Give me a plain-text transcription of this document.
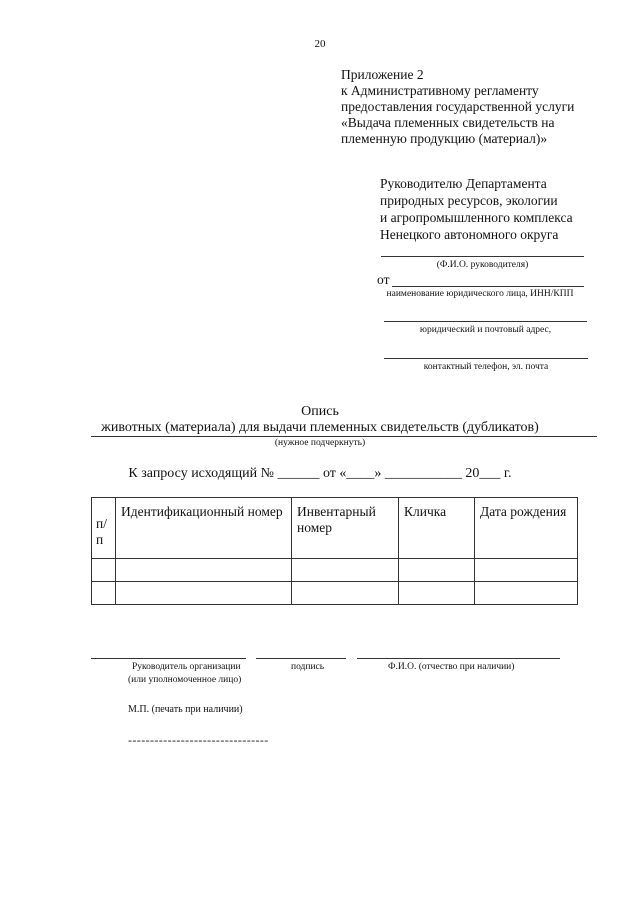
20
Приложение 2
к Административному регламенту
предоставления государственной услуги
«Выдача племенных свидетельств на
племенную продукцию (материал)»
Руководителю Департамента
природных ресурсов, экологии
и агропромышленного комплекса
Ненецкого автономного округа
(Ф.И.О. руководителя)
от
наименование юридического лица, ИНН/КПП
юридический и почтовый адрес,
контактный телефон, эл. почта
Опись
животных (материала) для выдачи племенных свидетельств (дубликатов)
(нужное подчеркнуть)
К запросу исходящий № ______ от «____» ___________ 20___ г.
п/п	Идентификационный номер	Инвентарный номер	Кличка	Дата рождения

Руководитель организации
(или уполномоченное лицо)
подпись	Ф.И.О. (отчество при наличии)
М.П. (печать при наличии)
--------------------------------
